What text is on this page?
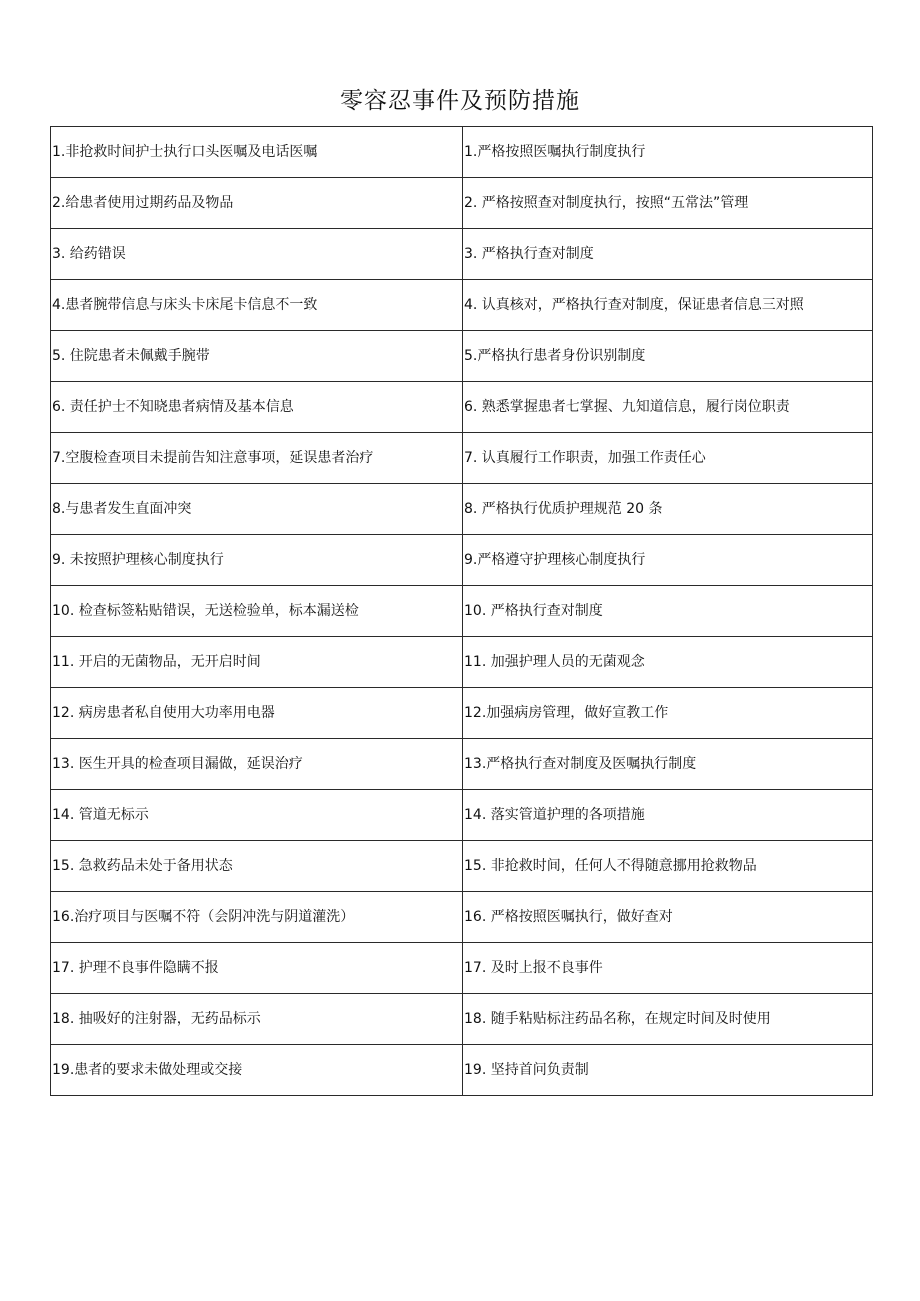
零容忍事件及预防措施
1.非抢救时间护士执行口头医嘱及电话医嘱	1.严格按照医嘱执行制度执行
2.给患者使用过期药品及物品	2. 严格按照查对制度执行，按照“五常法”管理
3. 给药错误	3. 严格执行查对制度
4.患者腕带信息与床头卡床尾卡信息不一致	4. 认真核对，严格执行查对制度，保证患者信息三对照
5. 住院患者未佩戴手腕带	5.严格执行患者身份识别制度
6. 责任护士不知晓患者病情及基本信息	6. 熟悉掌握患者七掌握、九知道信息，履行岗位职责
7.空腹检查项目未提前告知注意事项，延误患者治疗	7. 认真履行工作职责，加强工作责任心
8.与患者发生直面冲突	8. 严格执行优质护理规范 20 条
9. 未按照护理核心制度执行	9.严格遵守护理核心制度执行
10. 检查标签粘贴错误，无送检验单，标本漏送检	10. 严格执行查对制度
11. 开启的无菌物品，无开启时间	11. 加强护理人员的无菌观念
12. 病房患者私自使用大功率用电器	12.加强病房管理，做好宣教工作
13. 医生开具的检查项目漏做，延误治疗	13.严格执行查对制度及医嘱执行制度
14. 管道无标示	14. 落实管道护理的各项措施
15. 急救药品未处于备用状态	15. 非抢救时间，任何人不得随意挪用抢救物品
16.治疗项目与医嘱不符（会阴冲洗与阴道灌洗）	16. 严格按照医嘱执行，做好查对
17. 护理不良事件隐瞒不报	17. 及时上报不良事件
18. 抽吸好的注射器，无药品标示	18. 随手粘贴标注药品名称，在规定时间及时使用
19.患者的要求未做处理或交接	19. 坚持首问负责制
